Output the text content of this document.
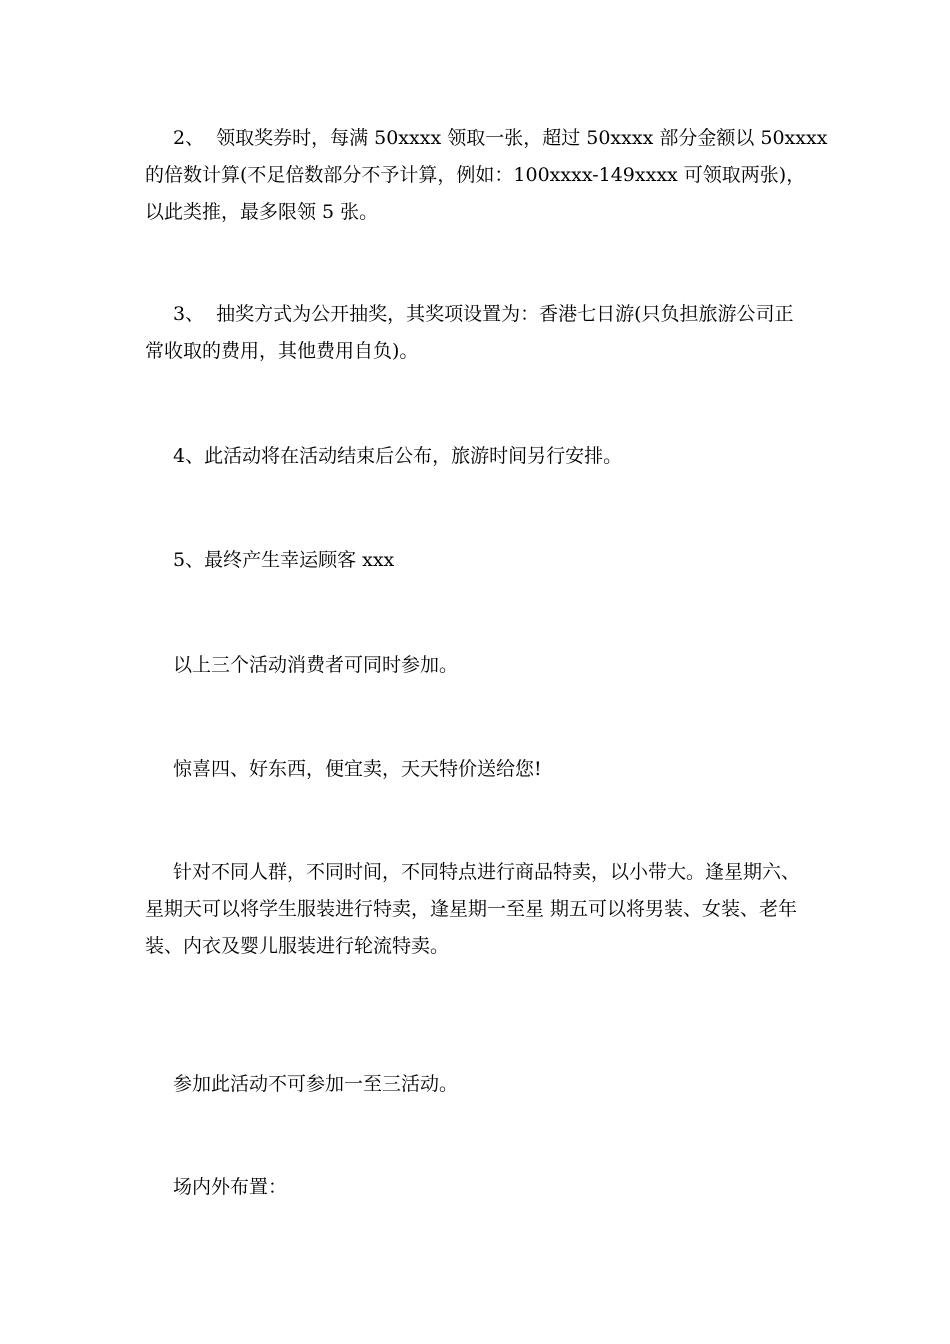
2、 领取奖券时，每满 50xxxx 领取一张，超过 50xxxx 部分金额以 50xxxx
的倍数计算(不足倍数部分不予计算，例如：100xxxx-149xxxx 可领取两张)，
以此类推，最多限领 5 张。
3、 抽奖方式为公开抽奖，其奖项设置为：香港七日游(只负担旅游公司正
常收取的费用，其他费用自负)。
4、此活动将在活动结束后公布，旅游时间另行安排。
5、最终产生幸运顾客 xxx
以上三个活动消费者可同时参加。
惊喜四、好东西，便宜卖，天天特价送给您!
针对不同人群，不同时间，不同特点进行商品特卖，以小带大。逢星期六、
星期天可以将学生服装进行特卖，逢星期一至星 期五可以将男装、女装、老年
装、内衣及婴儿服装进行轮流特卖。
参加此活动不可参加一至三活动。
场内外布置：
